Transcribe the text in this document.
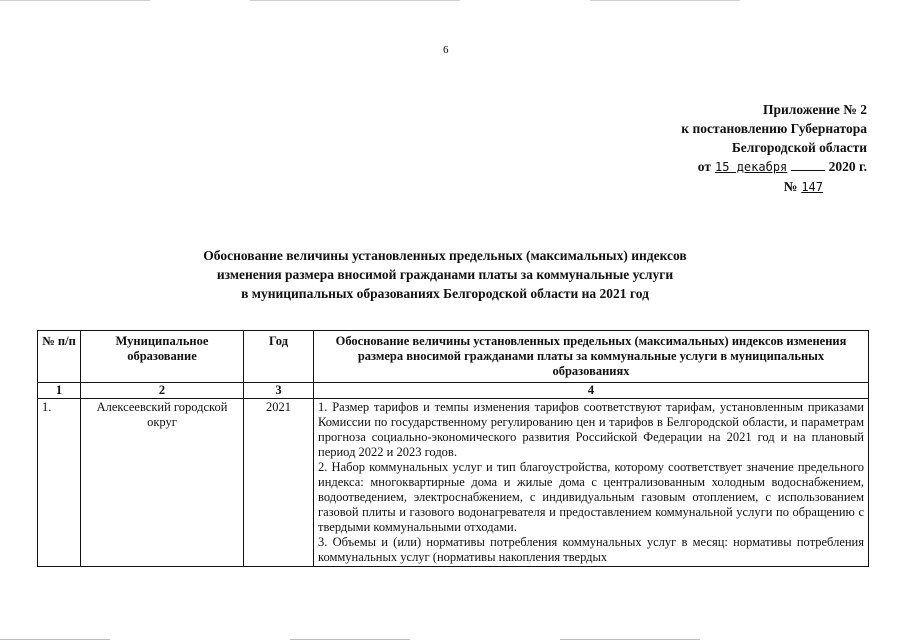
6
Приложение № 2
к постановлению Губернатора
Белгородской области
от 15 декабря	2020 г.
№ 147
Обоснование величины установленных предельных (максимальных) индексов
изменения размера вносимой гражданами платы за коммунальные услуги
в муниципальных образованиях Белгородской области на 2021 год
№ п/п	Муниципальное образование	Год	Обоснование величины установленных предельных (максимальных) индексов изменения размера вносимой гражданами платы за коммунальные услуги в муниципальных образованиях
1	2	3	4
1.	Алексеевский городской округ	2021	1. Размер тарифов и темпы изменения тарифов соответствуют тарифам, установленным приказами Комиссии по государственному регулированию цен и тарифов в Белгородской области, и параметрам прогноза социально-экономического развития Российской Федерации на 2021 год и на плановый период 2022 и 2023 годов.
2. Набор коммунальных услуг и тип благоустройства, которому соответствует значение предельного индекса: многоквартирные дома и жилые дома с централизованным холодным водоснабжением, водоотведением, электроснабжением, с индивидуальным газовым отоплением, с использованием газовой плиты и газового водонагревателя и предоставлением коммунальной услуги по обращению с твердыми коммунальными отходами.
3. Объемы и (или) нормативы потребления коммунальных услуг в месяц: нормативы потребления коммунальных услуг (нормативы накопления твердых
